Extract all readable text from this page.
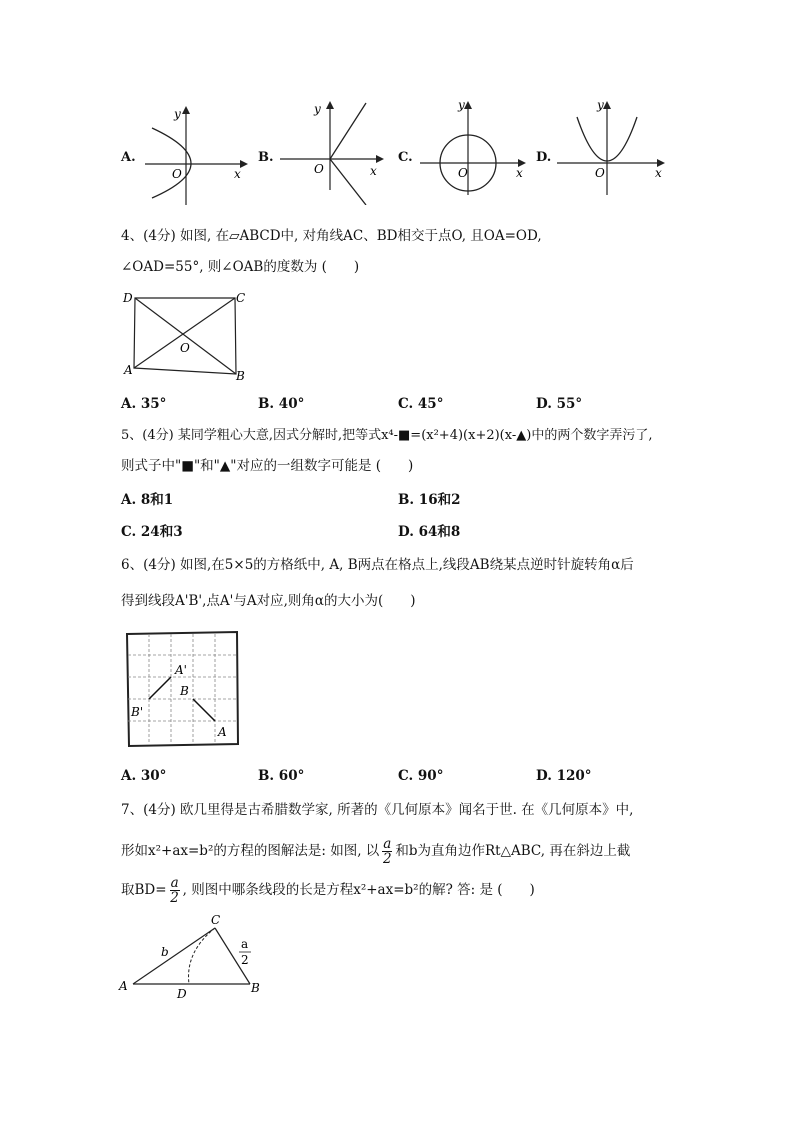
A.
y
x
O
B.
y
x
O
C.
y
x
O
D.
y
x
O
4、(4分) 如图, 在▱ABCD中, 对角线AC、BD相交于点O, 且OA=OD,
∠OAD=55°, 则∠OAB的度数为 (　　)
D	C
O
A	B
A. 35°	B. 40°	C. 45°	D. 55°
5、(4分) 某同学粗心大意,因式分解时,把等式x⁴-■=(x²+4)(x+2)(x-▲)中的两个数字弄污了,
则式子中"■"和"▲"对应的一组数字可能是 (　　)
A. 8和1	B. 16和2
C. 24和3	D. 64和8
6、(4分) 如图,在5×5的方格纸中, A, B两点在格点上,线段AB绕某点逆时针旋转角α后
得到线段A'B',点A'与A对应,则角α的大小为(　　)
A'
B
B'
A
A. 30°	B. 60°	C. 90°	D. 120°
7、(4分) 欧几里得是古希腊数学家, 所著的《几何原本》闻名于世. 在《几何原本》中,
形如x²+ax=b²的方程的图解法是: 如图, 以 $\frac{a}{2}$ 和b为直角边作Rt△ABC, 再在斜边上截
取$BD= \frac{a}{2}$ , 则图中哪条线段的长是方程x²+ax=b²的解? 答: 是 (　　)
C
b
a
2
A
D	B
